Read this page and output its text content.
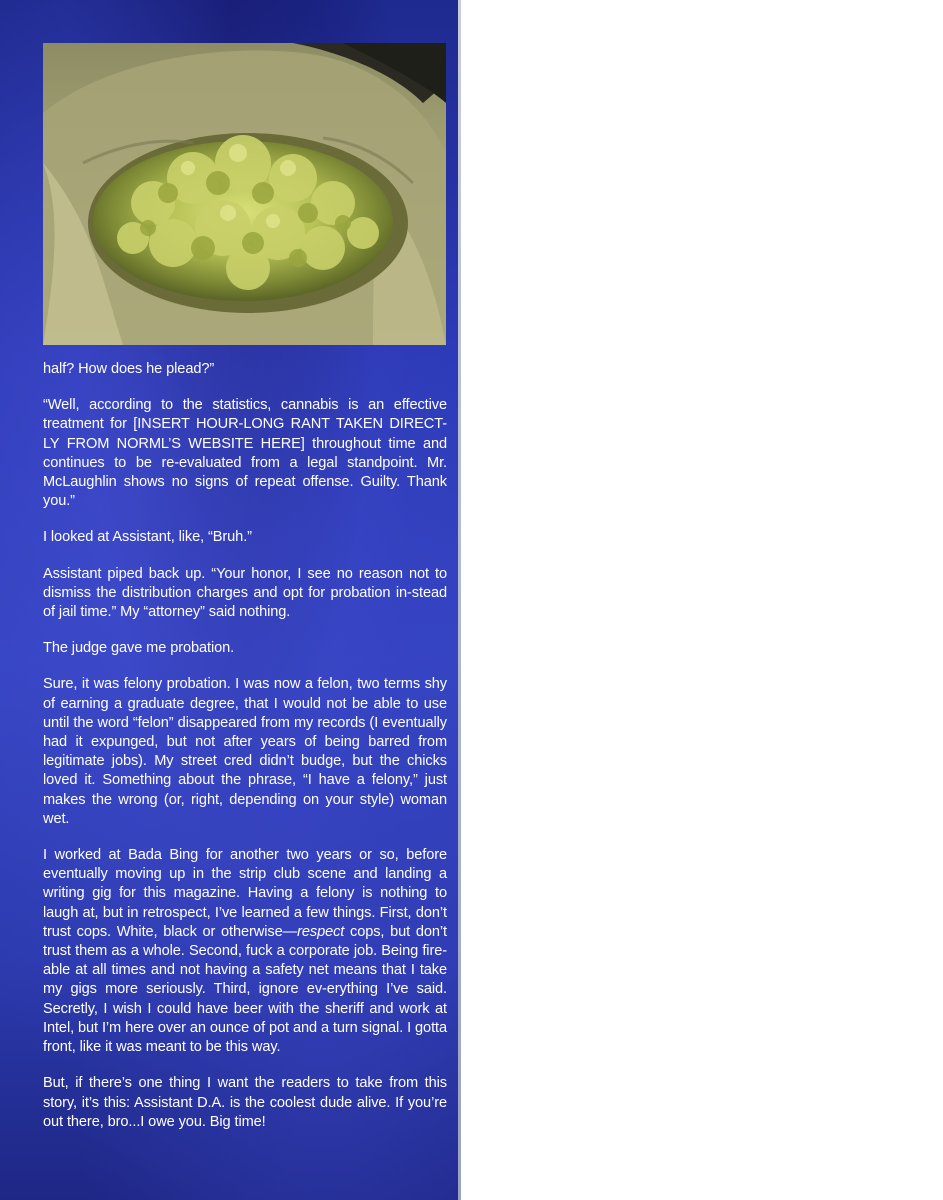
half? How does he plead?”

“Well, according to the statistics, cannabis is an effective treatment for [INSERT HOUR-LONG RANT TAKEN DIRECT-LY FROM NORML’S WEBSITE HERE] throughout time and continues to be re-evaluated from a legal standpoint. Mr. McLaughlin shows no signs of repeat offense. Guilty. Thank you.”

I looked at Assistant, like, “Bruh.”

Assistant piped back up. “Your honor, I see no reason not to dismiss the distribution charges and opt for probation in-stead of jail time.” My “attorney” said nothing.

The judge gave me probation.

Sure, it was felony probation. I was now a felon, two terms shy of earning a graduate degree, that I would not be able to use until the word “felon” disappeared from my records (I eventually had it expunged, but not after years of being barred from legitimate jobs). My street cred didn’t budge, but the chicks loved it. Something about the phrase, “I have a felony,” just makes the wrong (or, right, depending on your style) woman wet.

I worked at Bada Bing for another two years or so, before eventually moving up in the strip club scene and landing a writing gig for this magazine. Having a felony is nothing to laugh at, but in retrospect, I’ve learned a few things. First, don’t trust cops. White, black or otherwise—respect cops, but don’t trust them as a whole. Second, fuck a corporate job. Being fire-able at all times and not having a safety net means that I take my gigs more seriously. Third, ignore ev-erything I’ve said. Secretly, I wish I could have beer with the sheriff and work at Intel, but I’m here over an ounce of pot and a turn signal. I gotta front, like it was meant to be this way.

But, if there’s one thing I want the readers to take from this story, it’s this: Assistant D.A. is the coolest dude alive. If you’re out there, bro...I owe you. Big time!
